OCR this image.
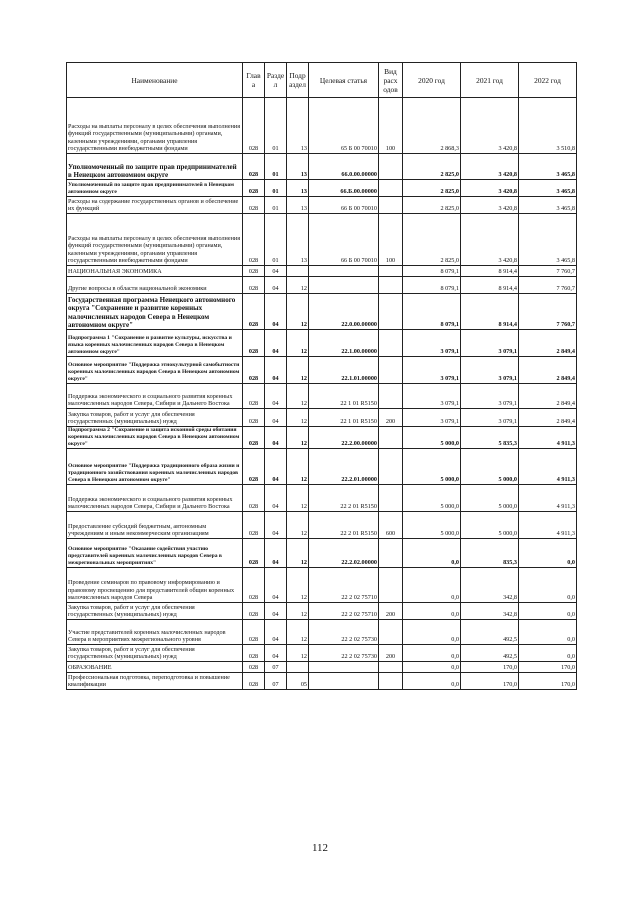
Наименование	Глав а	Разде л	Подр аздел	Целевая статья	Вид расх одов	2020 год	2021 год	2022 год
Расходы на выплаты персоналу в целях обеспечения выполнения функций государственными (муниципальными) органами, казенными учреждениями, органами управления государственными внебюджетными фондами	028	01	13	65 Б 00 70010	100	2 868,3	3 420,8	3 510,8
Уполномоченный по защите прав предпринимателей в Ненецком автономном округе	028	01	13	66.0.00.00000		2 825,0	3 420,8	3 465,8
Уполномоченный по защите прав предпринимателей в Ненецком автономном округе	028	01	13	66.Б.00.00000		2 825,0	3 420,8	3 465,8
Расходы на содержание государственных органов и обеспечение их функций	028	01	13	66 Б 00 70010		2 825,0	3 420,8	3 465,8
Расходы на выплаты персоналу в целях обеспечения выполнения функций государственными (муниципальными) органами, казенными учреждениями, органами управления государственными внебюджетными фондами	028	01	13	66 Б 00 70010	100	2 825,0	3 420,8	3 465,8
НАЦИОНАЛЬНАЯ ЭКОНОМИКА	028	04				8 079,1	8 914,4	7 760,7
Другие вопросы в области национальной экономики	028	04	12			8 079,1	8 914,4	7 760,7
Государственная программа Ненецкого автономного округа "Сохранение и развитие коренных малочисленных народов Севера в Ненецком автономном округе"	028	04	12	22.0.00.00000		8 079,1	8 914,4	7 760,7
Подпрограмма 1 "Сохранение и развитие культуры, искусства и языка коренных малочисленных народов Севера в Ненецком автономном округе"	028	04	12	22.1.00.00000		3 079,1	3 079,1	2 849,4
Основное мероприятие "Поддержка этнокультурной самобытности коренных малочисленных народов Севера в Ненецком автономном округе"	028	04	12	22.1.01.00000		3 079,1	3 079,1	2 849,4
Поддержка экономического и социального развития коренных малочисленных народов Севера, Сибири и Дальнего Востока	028	04	12	22 1 01 R5150		3 079,1	3 079,1	2 849,4
Закупка товаров, работ и услуг для обеспечения государственных (муниципальных) нужд	028	04	12	22 1 01 R5150	200	3 079,1	3 079,1	2 849,4
Подпрограмма 2 "Сохранение и защита исконной среды обитания коренных малочисленных народов Севера в Ненецком автономном округе"	028	04	12	22.2.00.00000		5 000,0	5 835,3	4 911,3
Основное мероприятие "Поддержка традиционного образа жизни и традиционного хозяйствования коренных малочисленных народов Севера в Ненецком автономном округе"	028	04	12	22.2.01.00000		5 000,0	5 000,0	4 911,3
Поддержка экономического и социального развития коренных малочисленных народов Севера, Сибири и Дальнего Востока	028	04	12	22 2 01 R5150		5 000,0	5 000,0	4 911,3
Предоставление субсидий бюджетным, автономным учреждениям и иным некоммерческим организациям	028	04	12	22 2 01 R5150	600	5 000,0	5 000,0	4 911,3
Основное мероприятие "Оказание содействия участию представителей коренных малочисленных народов Севера в межрегиональных мероприятиях"	028	04	12	22.2.02.00000		0,0	835,3	0,0
Проведение семинаров по правовому информированию и правовому просвещению для представителей общин коренных малочисленных народов Севера	028	04	12	22 2 02 75710		0,0	342,8	0,0
Закупка товаров, работ и услуг для обеспечения государственных (муниципальных) нужд	028	04	12	22 2 02 75710	200	0,0	342,8	0,0
Участие представителей коренных малочисленных народов Севера в мероприятиях межрегионального уровня	028	04	12	22 2 02 75730		0,0	492,5	0,0
Закупка товаров, работ и услуг для обеспечения государственных (муниципальных) нужд	028	04	12	22 2 02 75730	200	0,0	492,5	0,0
ОБРАЗОВАНИЕ	028	07				0,0	170,0	170,0
Профессиональная подготовка, переподготовка и повышение квалификации	028	07	05			0,0	170,0	170,0
112
